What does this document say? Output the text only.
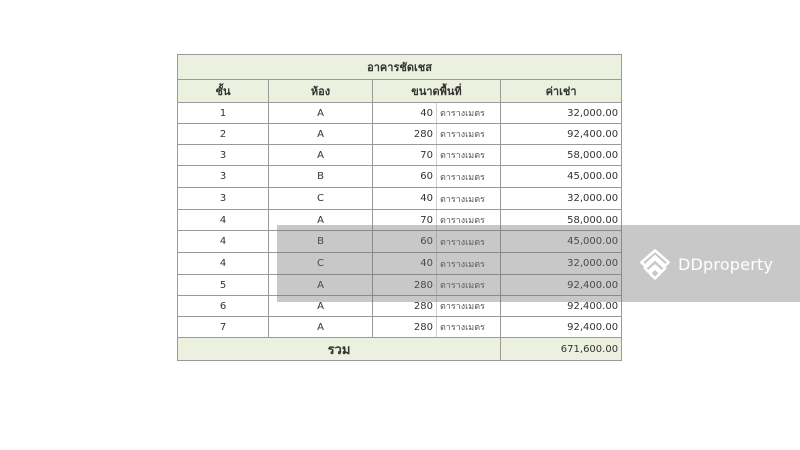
อาคารชัดเชส				
ชั้น	ห้อง	ขนาดพื้นที่		ค่าเช่า
1	A	40	ตารางเมตร	32,000.00
2	A	280	ตารางเมตร	92,400.00
3	A	70	ตารางเมตร	58,000.00
3	B	60	ตารางเมตร	45,000.00
3	C	40	ตารางเมตร	32,000.00
4	A	70	ตารางเมตร	58,000.00
4	B	60	ตารางเมตร	45,000.00
4	C	40	ตารางเมตร	32,000.00
5	A	280	ตารางเมตร	92,400.00
6	A	280	ตารางเมตร	92,400.00
7	A	280	ตารางเมตร	92,400.00
รวม				671,600.00
DDproperty
